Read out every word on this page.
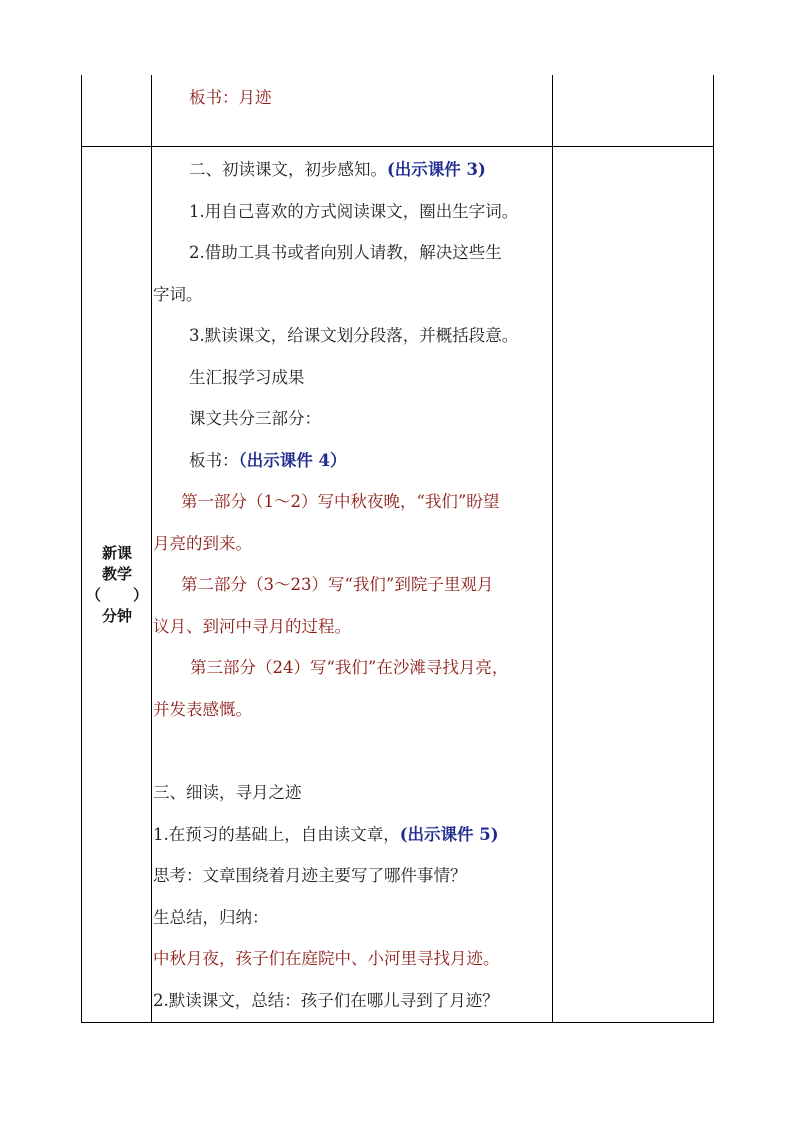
板书：月迹
新课
教学
（ ）
分钟
二、初读课文，初步感知。(出示课件 3)
1.用自己喜欢的方式阅读课文，圈出生字词。
2.借助工具书或者向别人请教，解决这些生
字词。
3.默读课文，给课文划分段落，并概括段意。
生汇报学习成果
课文共分三部分：
板书：（出示课件 4）
第一部分（1～2）写中秋夜晚，“我们”盼望
月亮的到来。
第二部分（3～23）写“我们”到院子里观月
议月、到河中寻月的过程。
第三部分（24）写“我们”在沙滩寻找月亮，
并发表感慨。
三、细读，寻月之迹
1.在预习的基础上，自由读文章，(出示课件 5)
思考：文章围绕着月迹主要写了哪件事情？
生总结，归纳：
中秋月夜，孩子们在庭院中、小河里寻找月迹。
2.默读课文，总结：孩子们在哪儿寻到了月迹？
